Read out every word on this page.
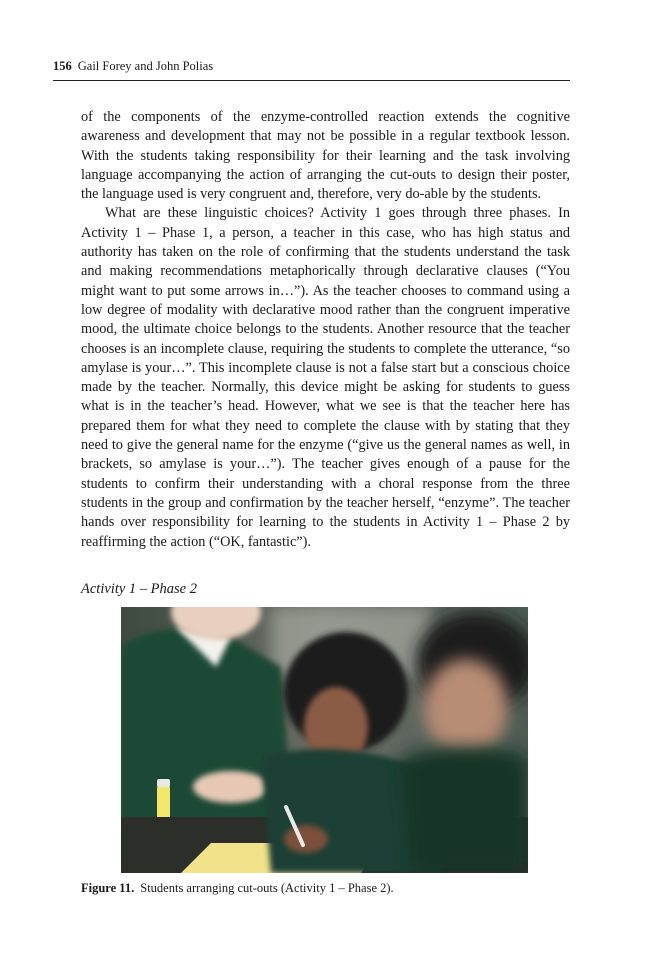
156 Gail Forey and John Polias

of the components of the enzyme-controlled reaction extends the cognitive awareness and development that may not be possible in a regular textbook lesson. With the students taking responsibility for their learning and the task involving language accompanying the action of arranging the cut-outs to design their poster, the language used is very congruent and, therefore, very do-able by the students.

What are these linguistic choices? Activity 1 goes through three phases. In Activity 1 – Phase 1, a person, a teacher in this case, who has high status and authority has taken on the role of confirming that the students understand the task and making recommendations metaphorically through declarative clauses (“You might want to put some arrows in…”). As the teacher chooses to command using a low degree of modality with declarative mood rather than the congruent imperative mood, the ultimate choice belongs to the students. Another resource that the teacher chooses is an incomplete clause, requiring the students to complete the utterance, “so amylase is your…”. This incomplete clause is not a false start but a conscious choice made by the teacher. Normally, this device might be asking for students to guess what is in the teacher’s head. However, what we see is that the teacher here has prepared them for what they need to complete the clause with by stating that they need to give the general name for the enzyme (“give us the general names as well, in brackets, so amylase is your…”). The teacher gives enough of a pause for the students to confirm their understanding with a choral response from the three students in the group and confirmation by the teacher herself, “enzyme”. The teacher hands over responsibility for learning to the students in Activity 1 – Phase 2 by reaffirming the action (“OK, fantastic”).

Activity 1 – Phase 2
Figure 11. Students arranging cut-outs (Activity 1 – Phase 2).
